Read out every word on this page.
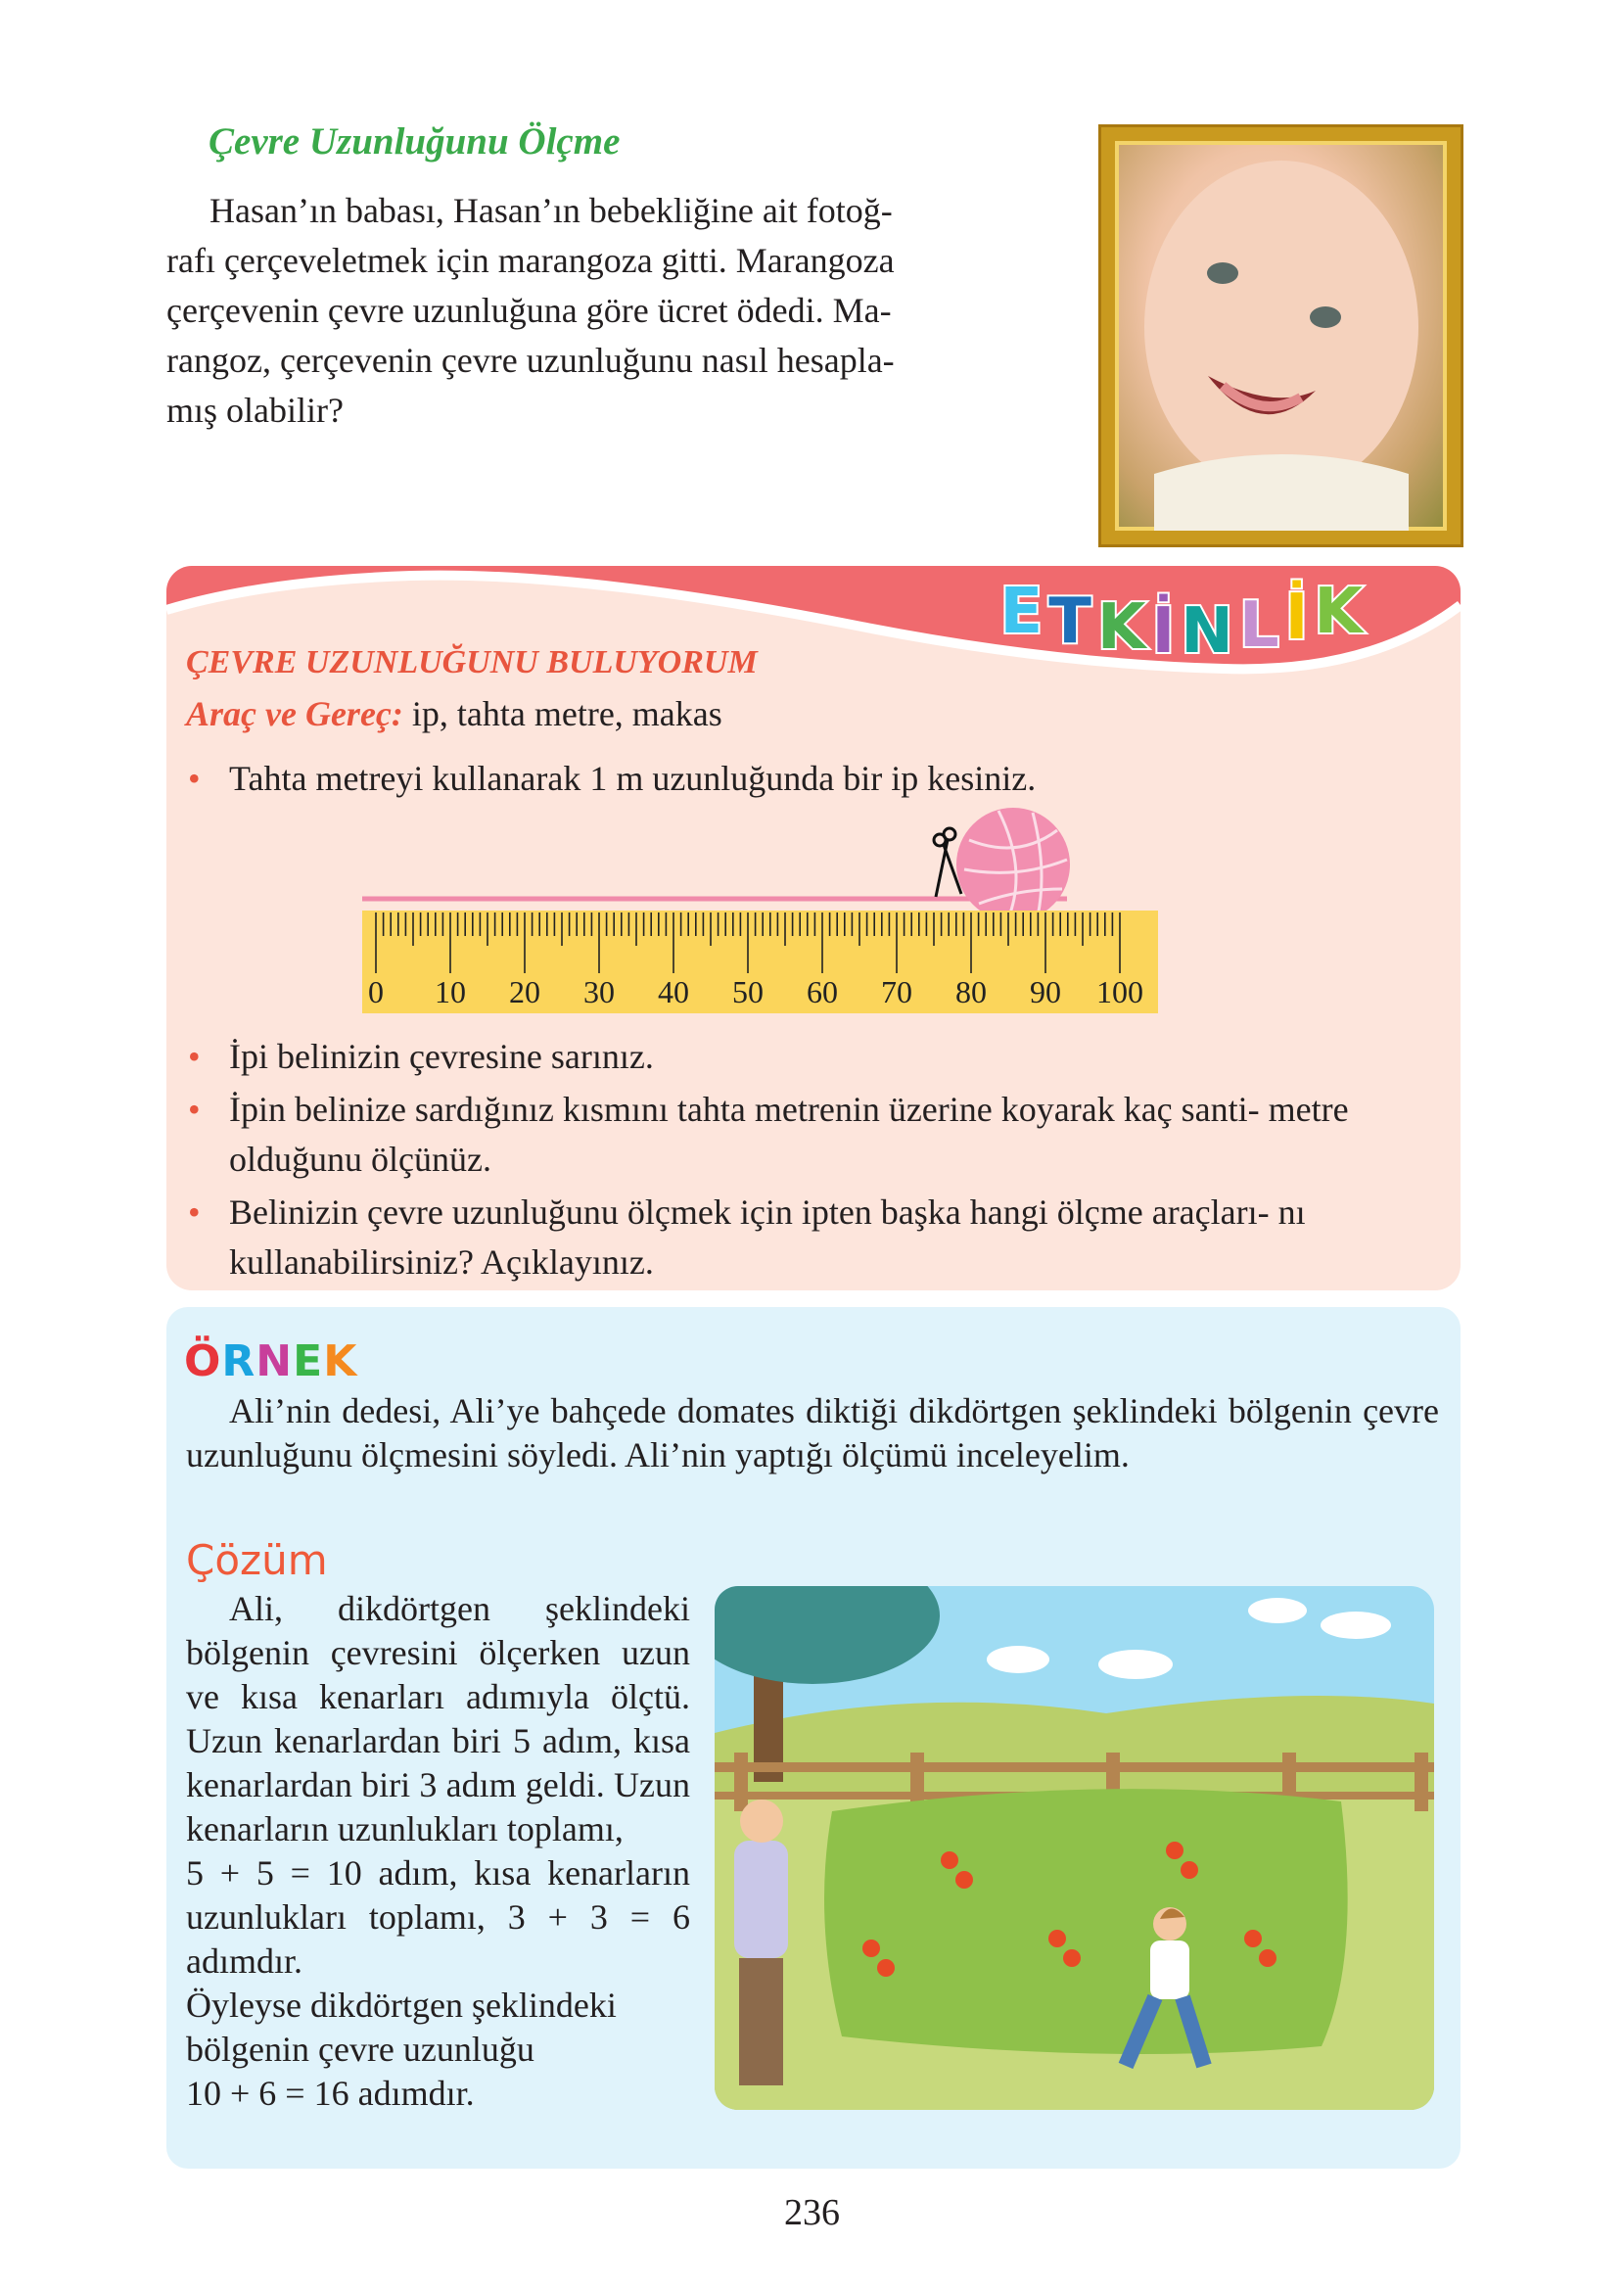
Çevre Uzunluğunu Ölçme
Hasan’ın babası, Hasan’ın bebekliğine ait fotoğ-
rafı çerçeveletmek için marangoza gitti. Marangoza
çerçevenin çevre uzunluğuna göre ücret ödedi. Ma-
rangoz, çerçevenin çevre uzunluğunu nasıl hesapla-
mış olabilir?
E T K İ N L İ K
ÇEVRE UZUNLUĞUNU BULUYORUM
Araç ve Gereç: ip, tahta metre, makas
• Tahta metreyi kullanarak 1 m uzunluğunda bir ip kesiniz.
0 10 20 30 40 50 60 70 80 90 100
• İpi belinizin çevresine sarınız.
• İpin belinize sardığınız kısmını tahta metrenin üzerine koyarak kaç santi- metre olduğunu ölçünüz.
• Belinizin çevre uzunluğunu ölçmek için ipten başka hangi ölçme araçları- nı kullanabilirsiniz? Açıklayınız.
ÖRNEK
Ali’nin dedesi, Ali’ye bahçede domates diktiği dikdörtgen şeklindeki bölgenin çevre uzunluğunu ölçmesini söyledi. Ali’nin yaptığı ölçümü inceleyelim.
Çözüm
Ali, dikdörtgen şeklindeki bölgenin çevresini ölçerken uzun ve kısa kenarları adımıyla ölçtü. Uzun kenarlardan biri 5 adım, kısa kenarlardan biri 3 adım geldi. Uzun kenarların uzunlukları toplamı,
5 + 5 = 10 adım, kısa kenarların uzunlukları toplamı, 3 + 3 = 6 adımdır.
Öyleyse dikdörtgen şeklindeki bölgenin çevre uzunluğu
10 + 6 = 16 adımdır.
236
